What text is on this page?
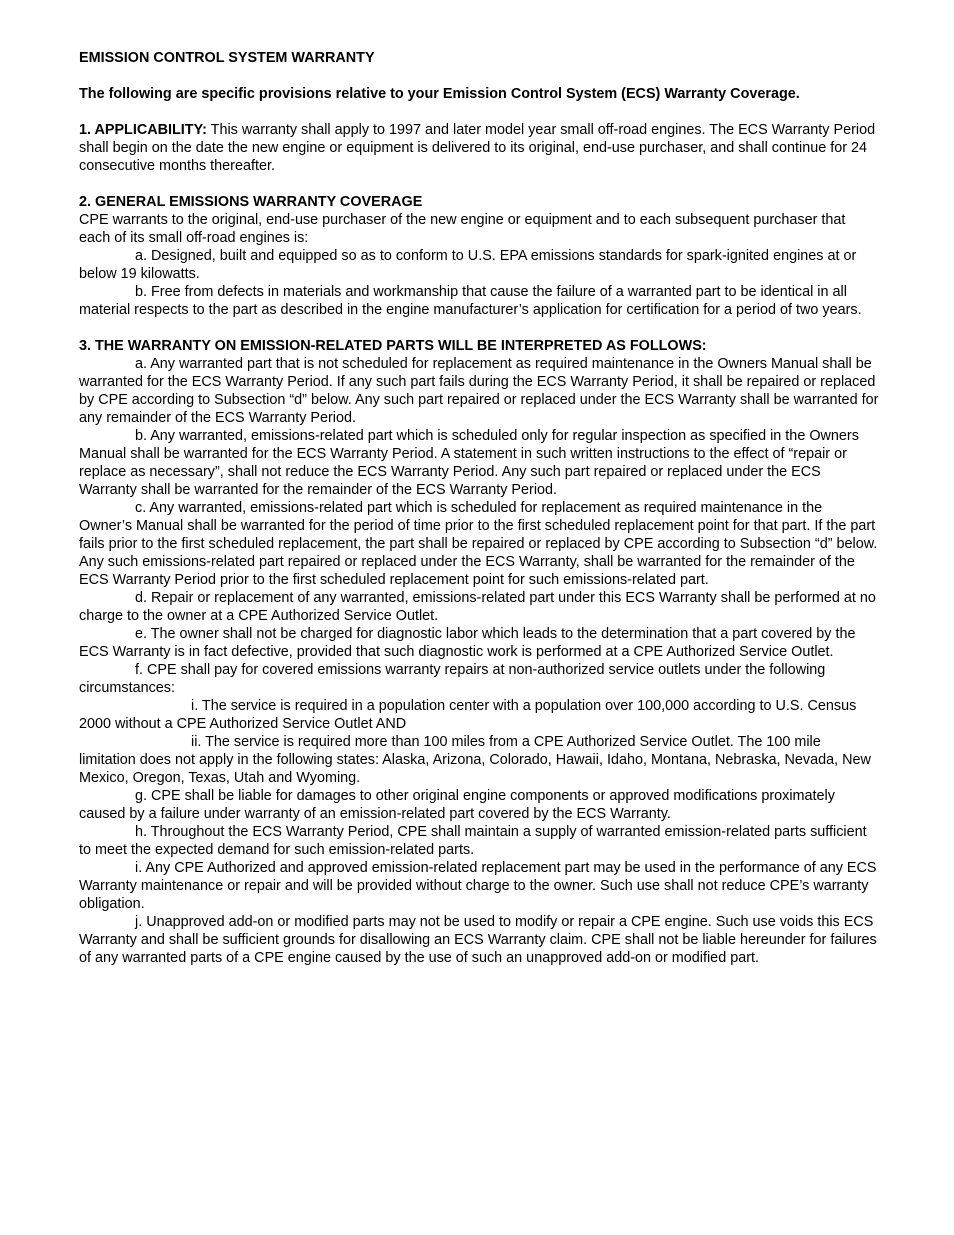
EMISSION CONTROL SYSTEM WARRANTY
The following are specific provisions relative to your Emission Control System (ECS) Warranty Coverage.

1. APPLICABILITY: This warranty shall apply to 1997 and later model year small off-road engines. The ECS Warranty Period shall begin on the date the new engine or equipment is delivered to its original, end-use purchaser, and shall continue for 24 consecutive months thereafter.

2. GENERAL EMISSIONS WARRANTY COVERAGE

CPE warrants to the original, end-use purchaser of the new engine or equipment and to each subsequent purchaser that each of its small off-road engines is:

a. Designed, built and equipped so as to conform to U.S. EPA emissions standards for spark-ignited engines at or below 19 kilowatts.

b. Free from defects in materials and workmanship that cause the failure of a warranted part to be identical in all material respects to the part as described in the engine manufacturer’s application for certification for a period of two years.

3. THE WARRANTY ON EMISSION-RELATED PARTS WILL BE INTERPRETED AS FOLLOWS:

a. Any warranted part that is not scheduled for replacement as required maintenance in the Owners Manual shall be warranted for the ECS Warranty Period. If any such part fails during the ECS Warranty Period, it shall be repaired or replaced by CPE according to Subsection “d” below. Any such part repaired or replaced under the ECS Warranty shall be warranted for any remainder of the ECS Warranty Period.

b. Any warranted, emissions-related part which is scheduled only for regular inspection as specified in the Owners Manual shall be warranted for the ECS Warranty Period. A statement in such written instructions to the effect of “repair or replace as necessary”, shall not reduce the ECS Warranty Period. Any such part repaired or replaced under the ECS Warranty shall be warranted for the remainder of the ECS Warranty Period.

c. Any warranted, emissions-related part which is scheduled for replacement as required maintenance in the Owner’s Manual shall be warranted for the period of time prior to the first scheduled replacement point for that part. If the part fails prior to the first scheduled replacement, the part shall be repaired or replaced by CPE according to Subsection “d” below. Any such emissions-related part repaired or replaced under the ECS Warranty, shall be warranted for the remainder of the ECS Warranty Period prior to the first scheduled replacement point for such emissions-related part.

d. Repair or replacement of any warranted, emissions-related part under this ECS Warranty shall be performed at no charge to the owner at a CPE Authorized Service Outlet.

e. The owner shall not be charged for diagnostic labor which leads to the determination that a part covered by the ECS Warranty is in fact defective, provided that such diagnostic work is performed at a CPE Authorized Service Outlet.

f. CPE shall pay for covered emissions warranty repairs at non-authorized service outlets under the following circumstances:

i. The service is required in a population center with a population over 100,000 according to U.S. Census 2000 without a CPE Authorized Service Outlet AND

ii. The service is required more than 100 miles from a CPE Authorized Service Outlet. The 100 mile limitation does not apply in the following states: Alaska, Arizona, Colorado, Hawaii, Idaho, Montana, Nebraska, Nevada, New Mexico, Oregon, Texas, Utah and Wyoming.

g. CPE shall be liable for damages to other original engine components or approved modifications proximately caused by a failure under warranty of an emission-related part covered by the ECS Warranty.

h. Throughout the ECS Warranty Period, CPE shall maintain a supply of warranted emission-related parts sufficient to meet the expected demand for such emission-related parts.

i. Any CPE Authorized and approved emission-related replacement part may be used in the performance of any ECS Warranty maintenance or repair and will be provided without charge to the owner. Such use shall not reduce CPE’s warranty obligation.

j. Unapproved add-on or modified parts may not be used to modify or repair a CPE engine. Such use voids this ECS Warranty and shall be sufficient grounds for disallowing an ECS Warranty claim. CPE shall not be liable hereunder for failures of any warranted parts of a CPE engine caused by the use of such an unapproved add-on or modified part.
